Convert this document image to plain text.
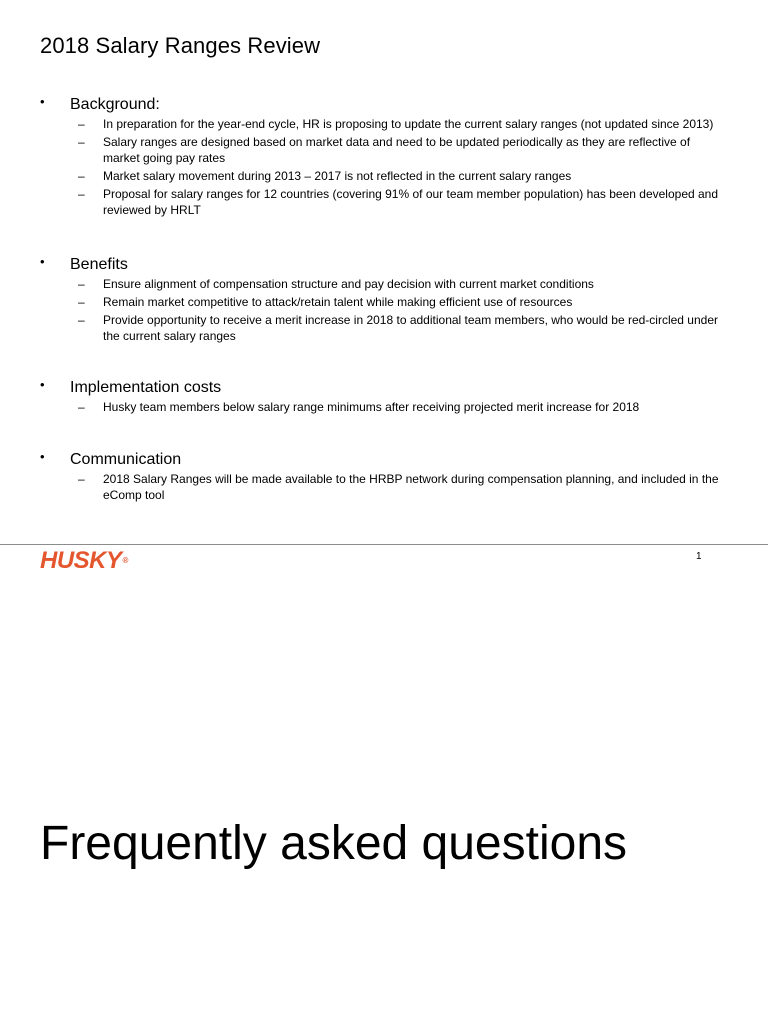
2018 Salary Ranges Review
• Background:
– In preparation for the year-end cycle, HR is proposing to update the current salary ranges (not updated since 2013)
– Salary ranges are designed based on market data and need to be updated periodically as they are reflective of market going pay rates
– Market salary movement during 2013 – 2017 is not reflected in the current salary ranges
– Proposal for salary ranges for 12 countries (covering 91% of our team member population) has been developed and reviewed by HRLT
• Benefits
– Ensure alignment of compensation structure and pay decision with current market conditions
– Remain market competitive to attack/retain talent while making efficient use of resources
– Provide opportunity to receive a merit increase in 2018 to additional team members, who would be red-circled under the current salary ranges
• Implementation costs
– Husky team members below salary range minimums after receiving projected merit increase for 2018
• Communication
– 2018 Salary Ranges will be made available to the HRBP network during compensation planning, and included in the eComp tool
HUSKY®	1
Frequently asked questions
